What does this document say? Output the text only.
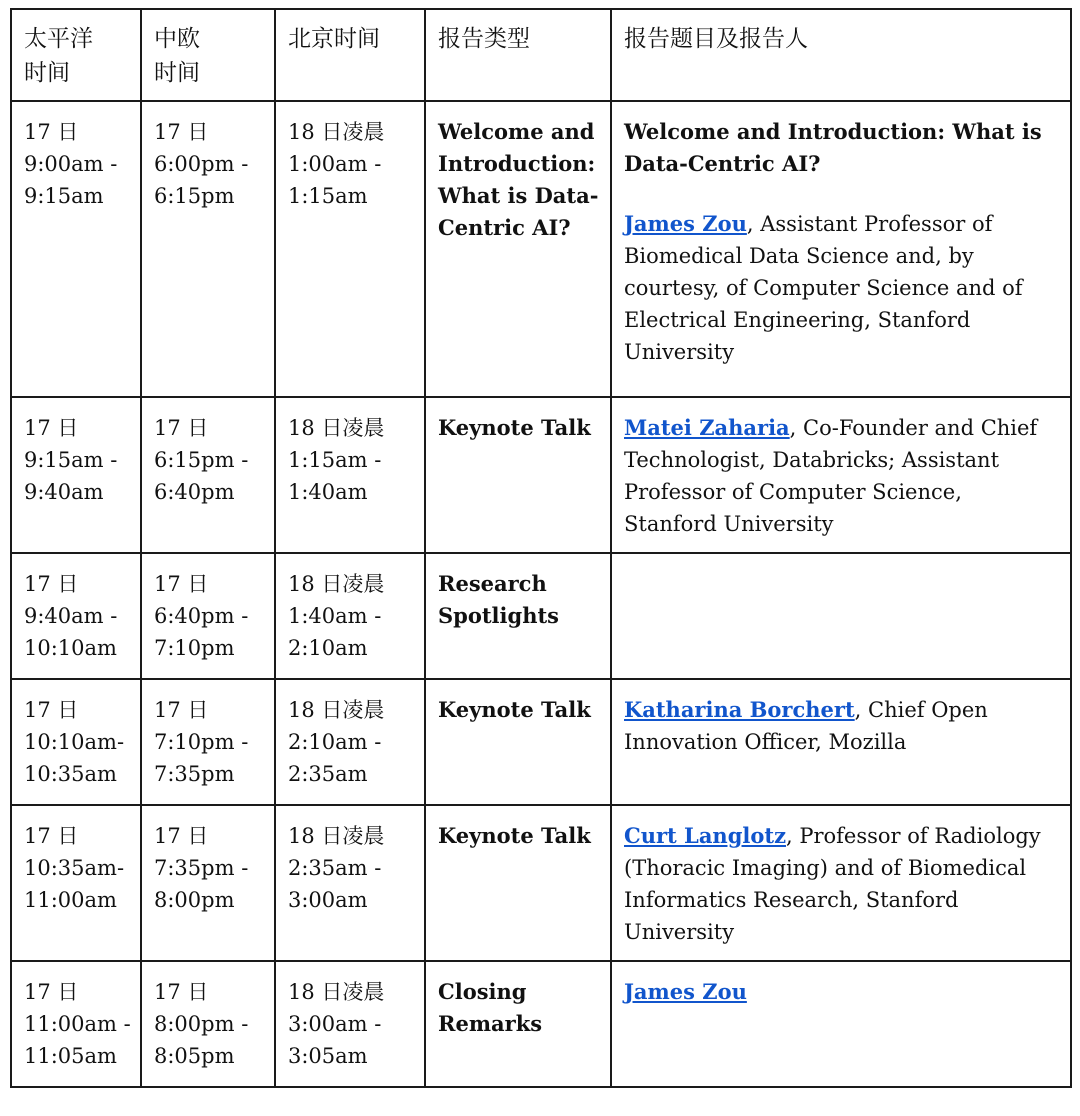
太平洋
时间	中欧
时间	北京时间	报告类型	报告题目及报告人

17 日
9:00am -
9:15am	17 日
6:00pm -
6:15pm	18 日凌晨
1:00am -
1:15am	Welcome and Introduction: What is Data-Centric AI?	Welcome and Introduction: What is Data-Centric AI?
James Zou, Assistant Professor of Biomedical Data Science and, by courtesy, of Computer Science and of Electrical Engineering, Stanford University

17 日
9:15am -
9:40am	17 日
6:15pm -
6:40pm	18 日凌晨
1:15am -
1:40am	Keynote Talk	Matei Zaharia, Co-Founder and Chief Technologist, Databricks; Assistant Professor of Computer Science, Stanford University

17 日
9:40am -
10:10am	17 日
6:40pm -
7:10pm	18 日凌晨
1:40am -
2:10am	Research Spotlights	

17 日
10:10am-
10:35am	17 日
7:10pm -
7:35pm	18 日凌晨
2:10am -
2:35am	Keynote Talk	Katharina Borchert, Chief Open Innovation Officer, Mozilla

17 日
10:35am-
11:00am	17 日
7:35pm -
8:00pm	18 日凌晨
2:35am -
3:00am	Keynote Talk	Curt Langlotz, Professor of Radiology (Thoracic Imaging) and of Biomedical Informatics Research, Stanford University

17 日
11:00am -
11:05am	17 日
8:00pm -
8:05pm	18 日凌晨
3:00am -
3:05am	Closing Remarks	James Zou
